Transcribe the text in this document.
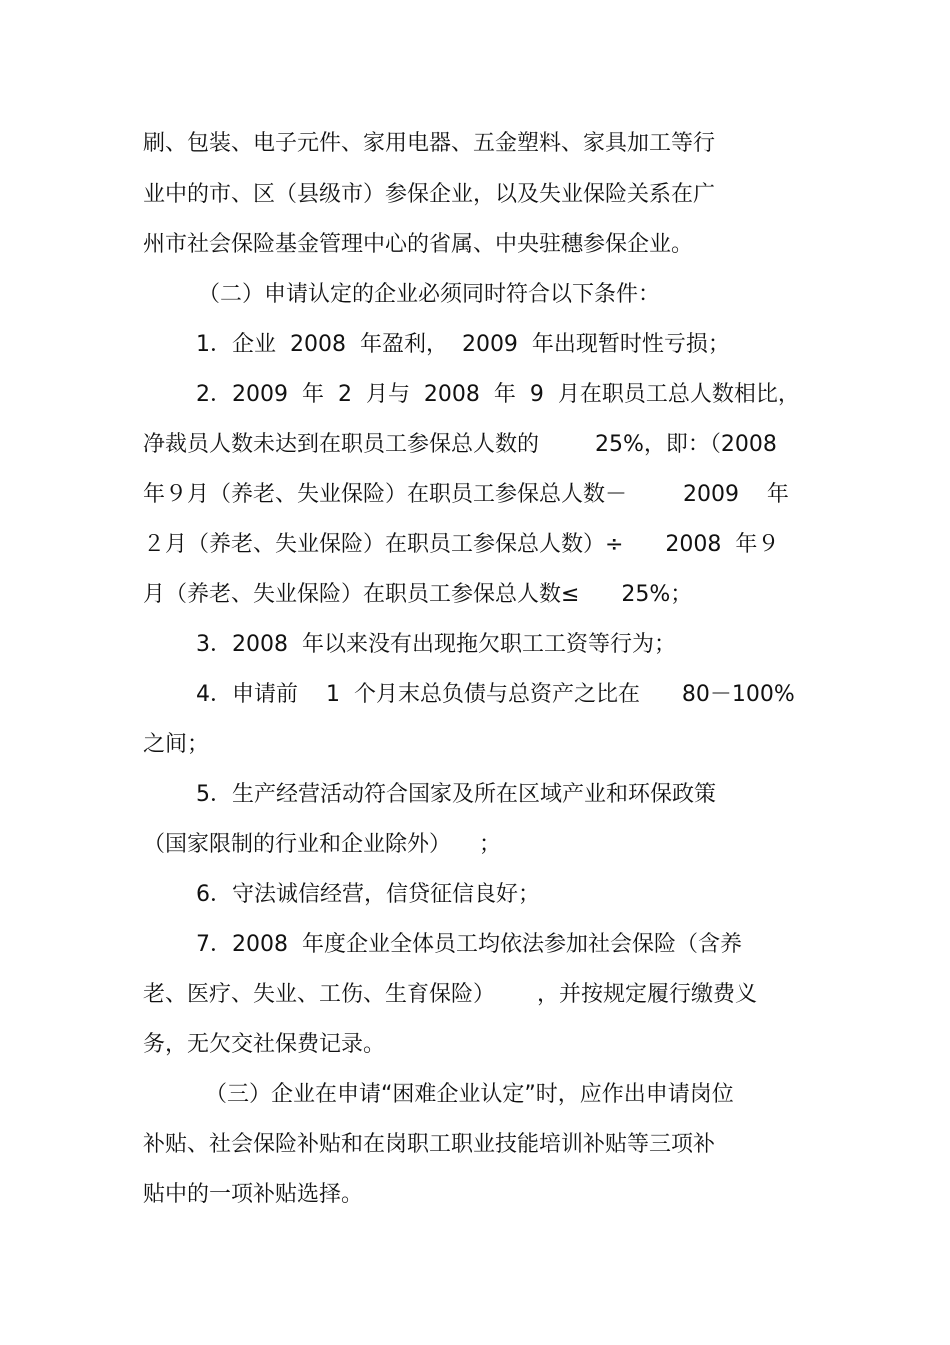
刷、包装、电子元件、家用电器、五金塑料、家具加工等行
业中的市、区（县级市）参保企业，以及失业保险关系在广
州市社会保险基金管理中心的省属、中央驻穗参保企业。
（二）申请认定的企业必须同时符合以下条件：
1．企业  2008  年盈利，  2009  年出现暂时性亏损；
2．2009  年  2  月与  2008  年  9  月在职员工总人数相比，
净裁员人数未达到在职员工参保总人数的        25%，即：（2008
年９月（养老、失业保险）在职员工参保总人数－        2009    年
２月（养老、失业保险）在职员工参保总人数）÷      2008  年９
月（养老、失业保险）在职员工参保总人数≤      25%；
3．2008  年以来没有出现拖欠职工工资等行为；
4．申请前    1  个月末总负债与总资产之比在      80－100%
之间；
5．生产经营活动符合国家及所在区域产业和环保政策
（国家限制的行业和企业除外）    ；
6．守法诚信经营，信贷征信良好；
7．2008  年度企业全体员工均依法参加社会保险（含养
老、医疗、失业、工伤、生育保险）      ，并按规定履行缴费义
务，无欠交社保费记录。
（三）企业在申请“困难企业认定”时，应作出申请岗位
补贴、社会保险补贴和在岗职工职业技能培训补贴等三项补
贴中的一项补贴选择。
